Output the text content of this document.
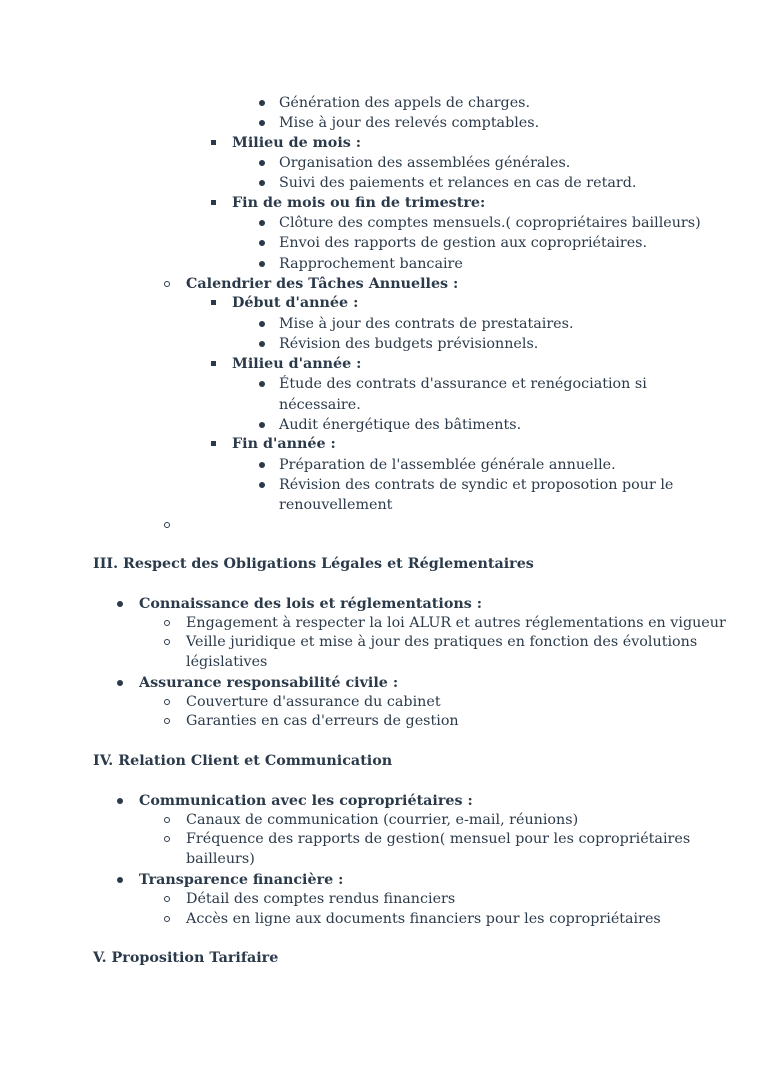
Génération des appels de charges.
Mise à jour des relevés comptables.
Milieu de mois :
Organisation des assemblées générales.
Suivi des paiements et relances en cas de retard.
Fin de mois ou fin de trimestre:
Clôture des comptes mensuels.( copropriétaires bailleurs)
Envoi des rapports de gestion aux copropriétaires.
Rapprochement bancaire
Calendrier des Tâches Annuelles :
Début d'année :
Mise à jour des contrats de prestataires.
Révision des budgets prévisionnels.
Milieu d'année :
Étude des contrats d'assurance et renégociation si
nécessaire.
Audit énergétique des bâtiments.
Fin d'année :
Préparation de l'assemblée générale annuelle.
Révision des contrats de syndic et proposotion pour le
renouvellement
III. Respect des Obligations Légales et Réglementaires
Connaissance des lois et réglementations :
Engagement à respecter la loi ALUR et autres réglementations en vigueur
Veille juridique et mise à jour des pratiques en fonction des évolutions
législatives
Assurance responsabilité civile :
Couverture d'assurance du cabinet
Garanties en cas d'erreurs de gestion
IV. Relation Client et Communication
Communication avec les copropriétaires :
Canaux de communication (courrier, e-mail, réunions)
Fréquence des rapports de gestion( mensuel pour les copropriétaires
bailleurs)
Transparence financière :
Détail des comptes rendus financiers
Accès en ligne aux documents financiers pour les copropriétaires
V. Proposition Tarifaire
